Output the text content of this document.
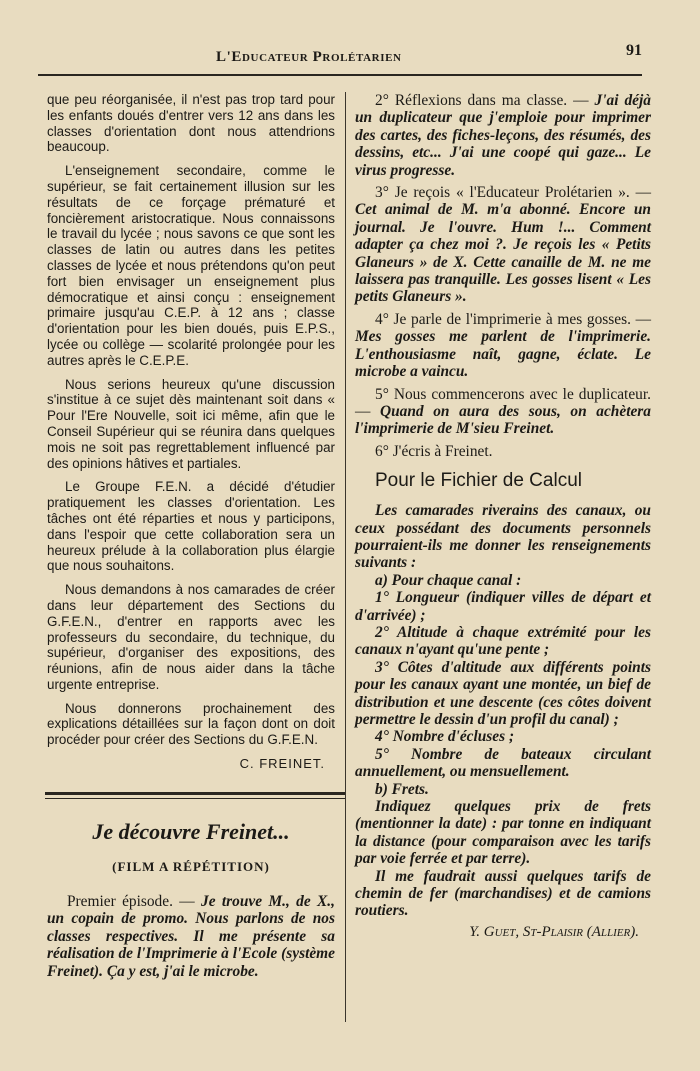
L'Educateur Prolétarien	91

que peu réorganisée, il n'est pas trop tard pour les enfants doués d'entrer vers 12 ans dans les classes d'orientation dont nous attendrions beaucoup.

L'enseignement secondaire, comme le supérieur, se fait certainement illusion sur les résultats de ce forçage prématuré et foncièrement aristocratique. Nous connaissons le travail du lycée ; nous savons ce que sont les classes de latin ou autres dans les petites classes de lycée et nous prétendons qu'on peut fort bien envisager un enseignement plus démocratique et ainsi conçu : enseignement primaire jusqu'au C.E.P. à 12 ans ; classe d'orientation pour les bien doués, puis E.P.S., lycée ou collège — scolarité prolongée pour les autres après le C.E.P.E.

Nous serions heureux qu'une discussion s'institue à ce sujet dès maintenant soit dans « Pour l'Ere Nouvelle, soit ici même, afin que le Conseil Supérieur qui se réunira dans quelques mois ne soit pas regrettablement influencé par des opinions hâtives et partiales.

Le Groupe F.E.N. a décidé d'étudier pratiquement les classes d'orientation. Les tâches ont été réparties et nous y participons, dans l'espoir que cette collaboration sera un heureux prélude à la collaboration plus élargie que nous souhaitons.

Nous demandons à nos camarades de créer dans leur département des Sections du G.F.E.N., d'entrer en rapports avec les professeurs du secondaire, du technique, du supérieur, d'organiser des expositions, des réunions, afin de nous aider dans la tâche urgente entreprise.

Nous donnerons prochainement des explications détaillées sur la façon dont on doit procéder pour créer des Sections du G.F.E.N.

C. FREINET.
Je découvre Freinet...
(FILM A RÉPÉTITION)

Premier épisode. — Je trouve M., de X., un copain de promo. Nous parlons de nos classes respectives. Il me présente sa réalisation de l'Imprimerie à l'Ecole (système Freinet). Ça y est, j'ai le microbe.

2° Réflexions dans ma classe. — J'ai déjà un duplicateur que j'emploie pour imprimer des cartes, des fiches-leçons, des résumés, des dessins, etc... J'ai une coopé qui gaze... Le virus progresse.

3° Je reçois « l'Educateur Prolétarien ». — Cet animal de M. m'a abonné. Encore un journal. Je l'ouvre. Hum !... Comment adapter ça chez moi ?. Je reçois les « Petits Glaneurs » de X. Cette canaille de M. ne me laissera pas tranquille. Les gosses lisent « Les petits Glaneurs ».

4° Je parle de l'imprimerie à mes gosses. — Mes gosses me parlent de l'imprimerie. L'enthousiasme naît, gagne, éclate. Le microbe a vaincu.

5° Nous commencerons avec le duplicateur. — Quand on aura des sous, on achètera l'imprimerie de M'sieu Freinet.

6° J'écris à Freinet.

Pour le Fichier de Calcul

Les camarades riverains des canaux, ou ceux possédant des documents personnels pourraient-ils me donner les renseignements suivants :

a) Pour chaque canal :

1° Longueur (indiquer villes de départ et d'arrivée) ;

2° Altitude à chaque extrémité pour les canaux n'ayant qu'une pente ;

3° Côtes d'altitude aux différents points pour les canaux ayant une montée, un bief de distribution et une descente (ces côtes doivent permettre le dessin d'un profil du canal) ;

4° Nombre d'écluses ;

5° Nombre de bateaux circulant annuellement, ou mensuellement.

b) Frets.

Indiquez quelques prix de frets (mentionner la date) : par tonne en indiquant la distance (pour comparaison avec les tarifs par voie ferrée et par terre).

Il me faudrait aussi quelques tarifs de chemin de fer (marchandises) et de camions routiers.

Y. Guet, St-Plaisir (Allier).
